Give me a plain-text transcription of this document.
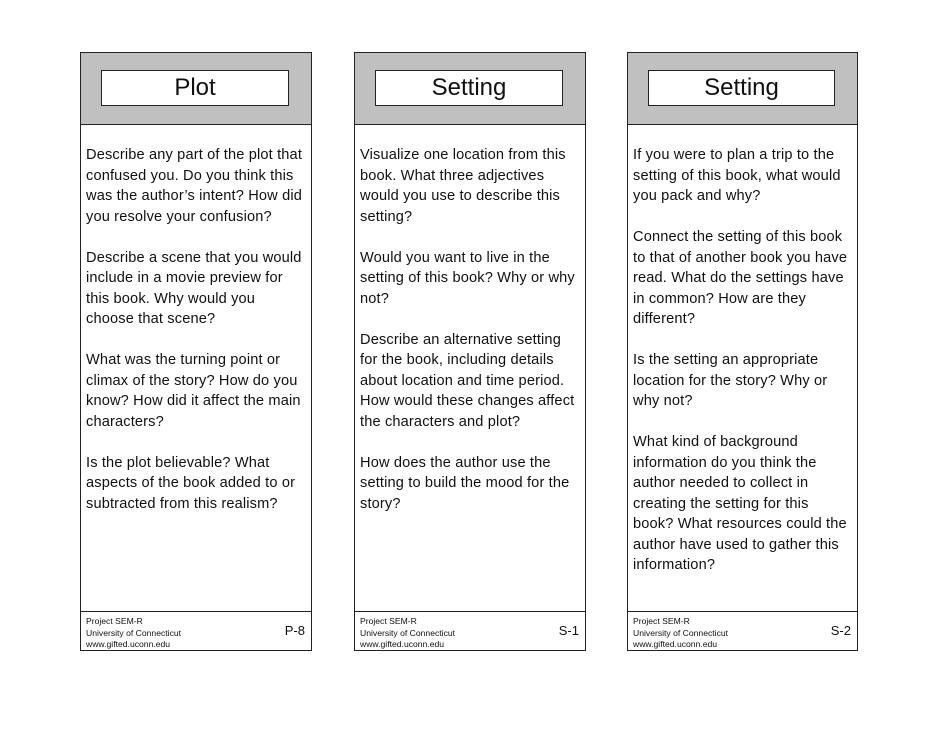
Plot

Describe any part of the plot that confused you. Do you think this was the author’s intent? How did you resolve your confusion?

Describe a scene that you would include in a movie preview for this book. Why would you choose that scene?

What was the turning point or climax of the story? How do you know? How did it affect the main characters?

Is the plot believable? What aspects of the book added to or subtracted from this realism?

Project SEM-R
University of Connecticut
www.gifted.uconn.edu
P-8
Setting

Visualize one location from this book. What three adjectives would you use to describe this setting?

Would you want to live in the setting of this book? Why or why not?

Describe an alternative setting for the book, including details about location and time period. How would these changes affect the characters and plot?

How does the author use the setting to build the mood for the story?

Project SEM-R
University of Connecticut
www.gifted.uconn.edu
S-1
Setting

If you were to plan a trip to the setting of this book, what would you pack and why?

Connect the setting of this book to that of another book you have read. What do the settings have in common? How are they different?

Is the setting an appropriate location for the story? Why or why not?

What kind of background information do you think the author needed to collect in creating the setting for this book? What resources could the author have used to gather this information?

Project SEM-R
University of Connecticut
www.gifted.uconn.edu
S-2
